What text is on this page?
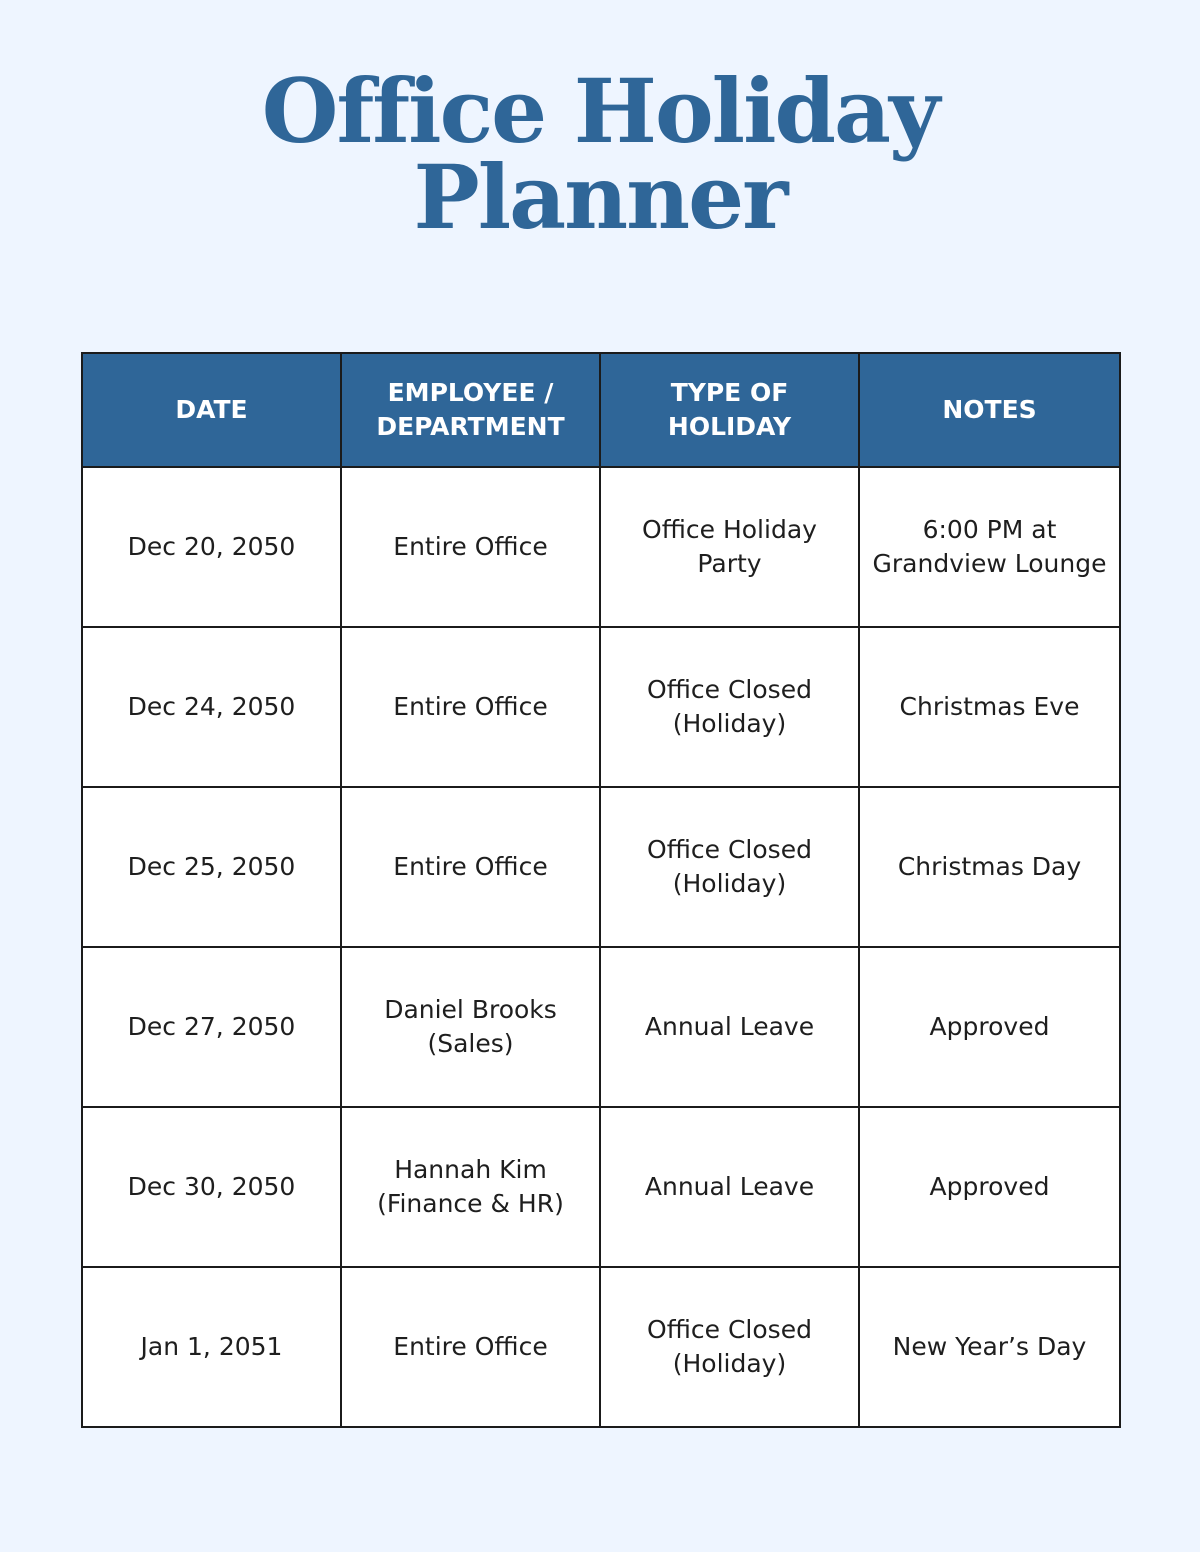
Office Holiday
Planner
DATE	EMPLOYEE / DEPARTMENT	TYPE OF HOLIDAY	NOTES
Dec 20, 2050	Entire Office	Office Holiday Party	6:00 PM at Grandview Lounge
Dec 24, 2050	Entire Office	Office Closed (Holiday)	Christmas Eve
Dec 25, 2050	Entire Office	Office Closed (Holiday)	Christmas Day
Dec 27, 2050	Daniel Brooks (Sales)	Annual Leave	Approved
Dec 30, 2050	Hannah Kim (Finance & HR)	Annual Leave	Approved
Jan 1, 2051	Entire Office	Office Closed (Holiday)	New Year’s Day
